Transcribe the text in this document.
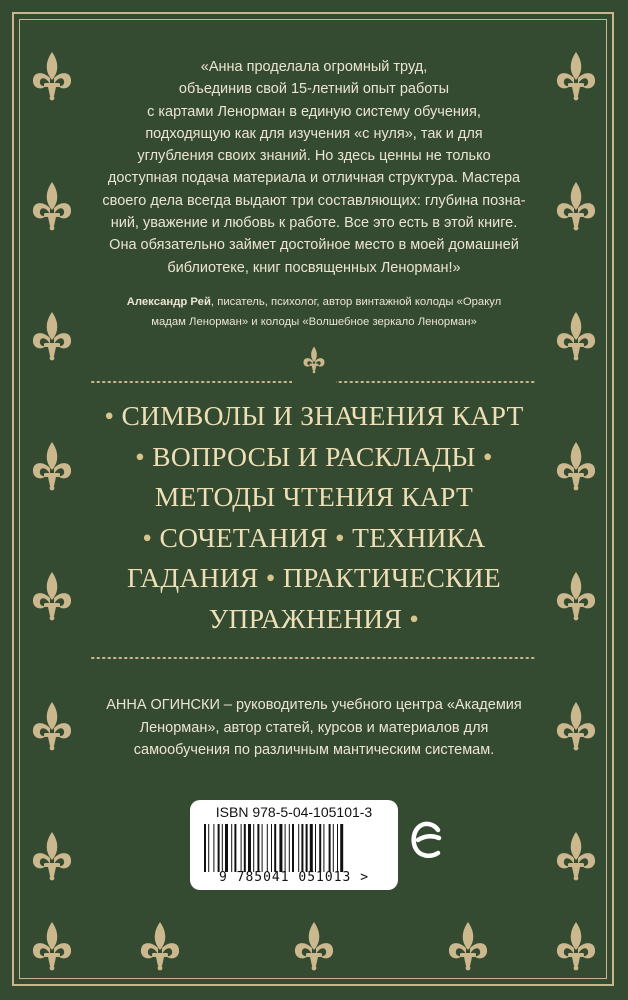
«Анна проделала огромный труд,
объединив свой 15-летний опыт работы
с картами Ленорман в единую систему обучения,
подходящую как для изучения «с нуля», так и для
углубления своих знаний. Но здесь ценны не только
доступная подача материала и отличная структура. Мастера
своего дела всегда выдают три составляющих: глубина позна-
ний, уважение и любовь к работе. Все это есть в этой книге.
Она обязательно займет достойное место в моей домашней
библиотеке, книг посвященных Ленорман!»
Александр Рей, писатель, психолог, автор винтажной колоды «Оракул
мадам Ленорман» и колоды «Волшебное зеркало Ленорман»
• СИМВОЛЫ И ЗНАЧЕНИЯ КАРТ
• ВОПРОСЫ И РАСКЛАДЫ •
МЕТОДЫ ЧТЕНИЯ КАРТ
• СОЧЕТАНИЯ • ТЕХНИКА
ГАДАНИЯ • ПРАКТИЧЕСКИЕ
УПРАЖНЕНИЯ •
АННА ОГИНСКИ – руководитель учебного центра «Академия
Ленорман», автор статей, курсов и материалов для
самообучения по различным мантическим системам.
ISBN 978-5-04-105101-3
9 785041 051013 >
